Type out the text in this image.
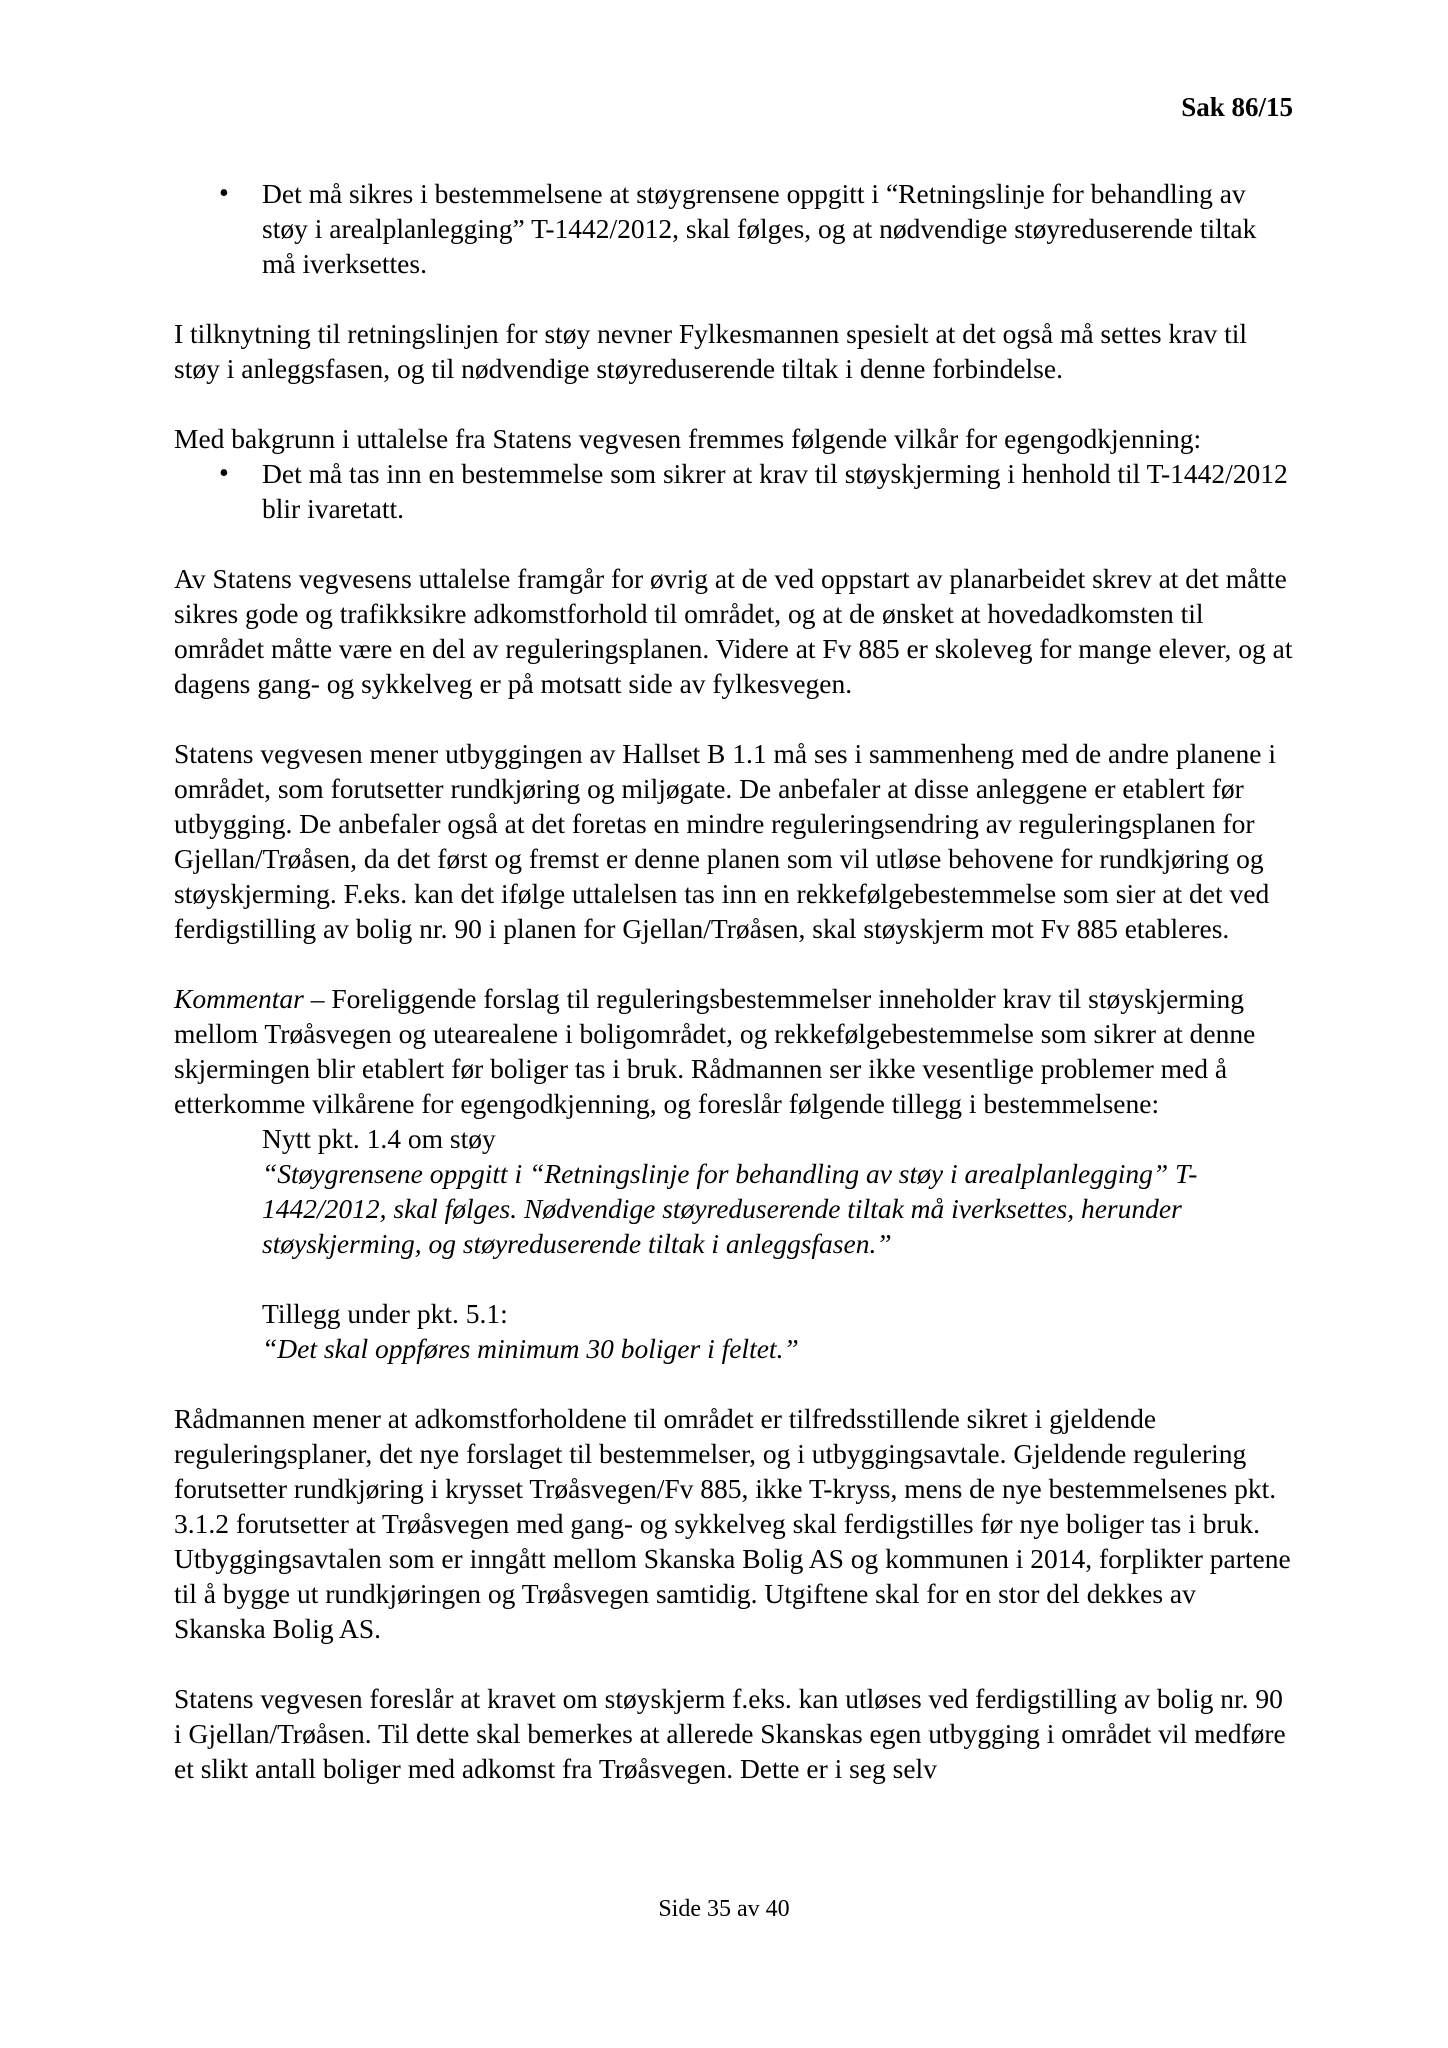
Sak 86/15
• Det må sikres i bestemmelsene at støygrensene oppgitt i “Retningslinje for behandling av støy i arealplanlegging” T-1442/2012, skal følges, og at nødvendige støyreduserende tiltak må iverksettes.

I tilknytning til retningslinjen for støy nevner Fylkesmannen spesielt at det også må settes krav til støy i anleggsfasen, og til nødvendige støyreduserende tiltak i denne forbindelse.

Med bakgrunn i uttalelse fra Statens vegvesen fremmes følgende vilkår for egengodkjenning:

• Det må tas inn en bestemmelse som sikrer at krav til støyskjerming i henhold til T-1442/2012 blir ivaretatt.

Av Statens vegvesens uttalelse framgår for øvrig at de ved oppstart av planarbeidet skrev at det måtte sikres gode og trafikksikre adkomstforhold til området, og at de ønsket at hovedadkomsten til området måtte være en del av reguleringsplanen. Videre at Fv 885 er skoleveg for mange elever, og at dagens gang- og sykkelveg er på motsatt side av fylkesvegen.

Statens vegvesen mener utbyggingen av Hallset B 1.1 må ses i sammenheng med de andre planene i området, som forutsetter rundkjøring og miljøgate. De anbefaler at disse anleggene er etablert før utbygging. De anbefaler også at det foretas en mindre reguleringsendring av reguleringsplanen for Gjellan/Trøåsen, da det først og fremst er denne planen som vil utløse behovene for rundkjøring og støyskjerming. F.eks. kan det ifølge uttalelsen tas inn en rekkefølgebestemmelse som sier at det ved ferdigstilling av bolig nr. 90 i planen for Gjellan/Trøåsen, skal støyskjerm mot Fv 885 etableres.

Kommentar – Foreliggende forslag til reguleringsbestemmelser inneholder krav til støyskjerming mellom Trøåsvegen og utearealene i boligområdet, og rekkefølgebestemmelse som sikrer at denne skjermingen blir etablert før boliger tas i bruk. Rådmannen ser ikke vesentlige problemer med å etterkomme vilkårene for egengodkjenning, og foreslår følgende tillegg i bestemmelsene:

Nytt pkt. 1.4 om støy

“Støygrensene oppgitt i “Retningslinje for behandling av støy i arealplanlegging” T-1442/2012, skal følges. Nødvendige støyreduserende tiltak må iverksettes, herunder støyskjerming, og støyreduserende tiltak i anleggsfasen.”

Tillegg under pkt. 5.1:

“Det skal oppføres minimum 30 boliger i feltet.”

Rådmannen mener at adkomstforholdene til området er tilfredsstillende sikret i gjeldende reguleringsplaner, det nye forslaget til bestemmelser, og i utbyggingsavtale. Gjeldende regulering forutsetter rundkjøring i krysset Trøåsvegen/Fv 885, ikke T-kryss, mens de nye bestemmelsenes pkt. 3.1.2 forutsetter at Trøåsvegen med gang- og sykkelveg skal ferdigstilles før nye boliger tas i bruk. Utbyggingsavtalen som er inngått mellom Skanska Bolig AS og kommunen i 2014, forplikter partene til å bygge ut rundkjøringen og Trøåsvegen samtidig. Utgiftene skal for en stor del dekkes av Skanska Bolig AS.

Statens vegvesen foreslår at kravet om støyskjerm f.eks. kan utløses ved ferdigstilling av bolig nr. 90 i Gjellan/Trøåsen. Til dette skal bemerkes at allerede Skanskas egen utbygging i området vil medføre et slikt antall boliger med adkomst fra Trøåsvegen. Dette er i seg selv

Side 35 av 40
